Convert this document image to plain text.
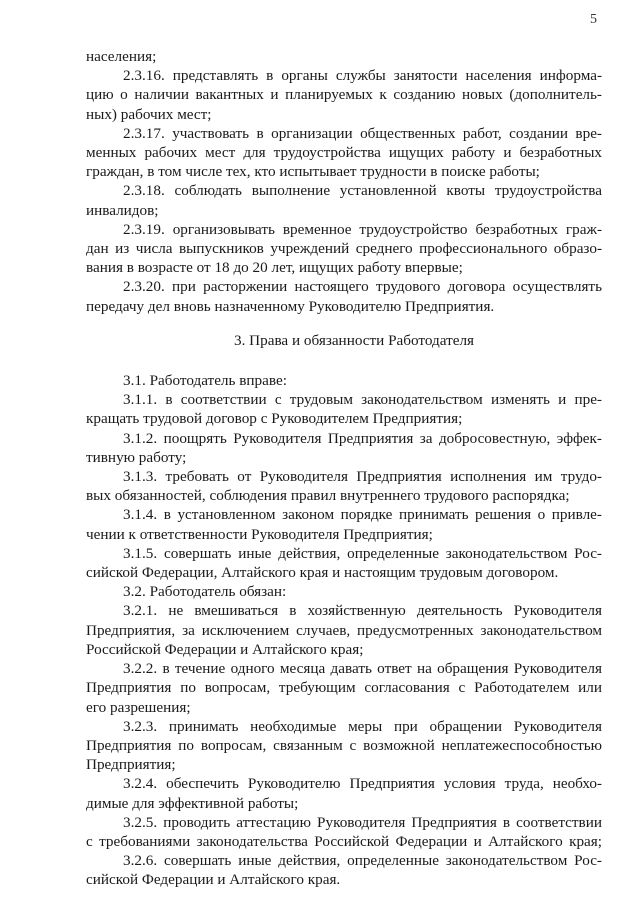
5
населения;
2.3.16. представлять в органы службы занятости населения информа-
цию о наличии вакантных и планируемых к созданию новых (дополнитель-
ных) рабочих мест;
2.3.17. участвовать в организации общественных работ, создании вре-
менных рабочих мест для трудоустройства ищущих работу и безработных
граждан, в том числе тех, кто испытывает трудности в поиске работы;
2.3.18. соблюдать выполнение установленной квоты трудоустройства
инвалидов;
2.3.19. организовывать временное трудоустройство безработных граж-
дан из числа выпускников учреждений среднего профессионального образо-
вания в возрасте от 18 до 20 лет, ищущих работу впервые;
2.3.20. при расторжении настоящего трудового договора осуществлять
передачу дел вновь назначенному Руководителю Предприятия.
3. Права и обязанности Работодателя
3.1. Работодатель вправе:
3.1.1. в соответствии с трудовым законодательством изменять и пре-
кращать трудовой договор с Руководителем Предприятия;
3.1.2. поощрять Руководителя Предприятия за добросовестную, эффек-
тивную работу;
3.1.3. требовать от Руководителя Предприятия исполнения им трудо-
вых обязанностей, соблюдения правил внутреннего трудового распорядка;
3.1.4. в установленном законом порядке принимать решения о привле-
чении к ответственности Руководителя Предприятия;
3.1.5. совершать иные действия, определенные законодательством Рос-
сийской Федерации, Алтайского края и настоящим трудовым договором.
3.2. Работодатель обязан:
3.2.1. не вмешиваться в хозяйственную деятельность Руководителя
Предприятия, за исключением случаев, предусмотренных законодательством
Российской Федерации и Алтайского края;
3.2.2. в течение одного месяца давать ответ на обращения Руководителя
Предприятия по вопросам, требующим согласования с Работодателем или
его разрешения;
3.2.3. принимать необходимые меры при обращении Руководителя
Предприятия по вопросам, связанным с возможной неплатежеспособностью
Предприятия;
3.2.4. обеспечить Руководителю Предприятия условия труда, необхо-
димые для эффективной работы;
3.2.5. проводить аттестацию Руководителя Предприятия в соответствии
с требованиями законодательства Российской Федерации и Алтайского края;
3.2.6. совершать иные действия, определенные законодательством Рос-
сийской Федерации и Алтайского края.
